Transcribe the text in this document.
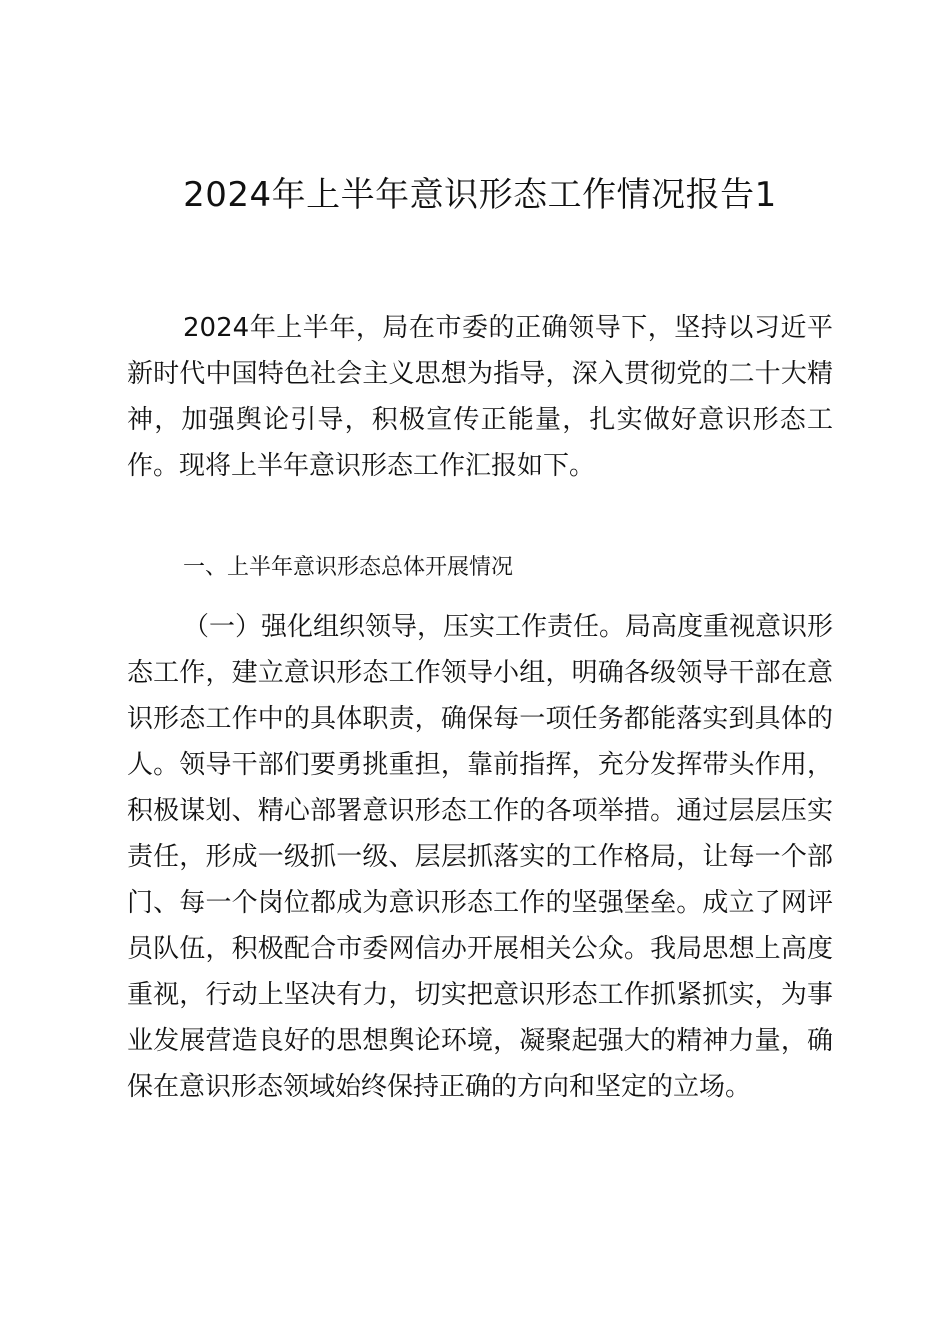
2024年上半年意识形态工作情况报告1

2024年上半年，局在市委的正确领导下，坚持以习近平新时代中国特色社会主义思想为指导，深入贯彻党的二十大精神，加强舆论引导，积极宣传正能量，扎实做好意识形态工作。现将上半年意识形态工作汇报如下。

一、上半年意识形态总体开展情况

（一）强化组织领导，压实工作责任。局高度重视意识形态工作，建立意识形态工作领导小组，明确各级领导干部在意识形态工作中的具体职责，确保每一项任务都能落实到具体的人。领导干部们要勇挑重担，靠前指挥，充分发挥带头作用，积极谋划、精心部署意识形态工作的各项举措。通过层层压实责任，形成一级抓一级、层层抓落实的工作格局，让每一个部门、每一个岗位都成为意识形态工作的坚强堡垒。成立了网评员队伍，积极配合市委网信办开展相关公众。我局思想上高度重视，行动上坚决有力，切实把意识形态工作抓紧抓实，为事业发展营造良好的思想舆论环境，凝聚起强大的精神力量，确保在意识形态领域始终保持正确的方向和坚定的立场。
